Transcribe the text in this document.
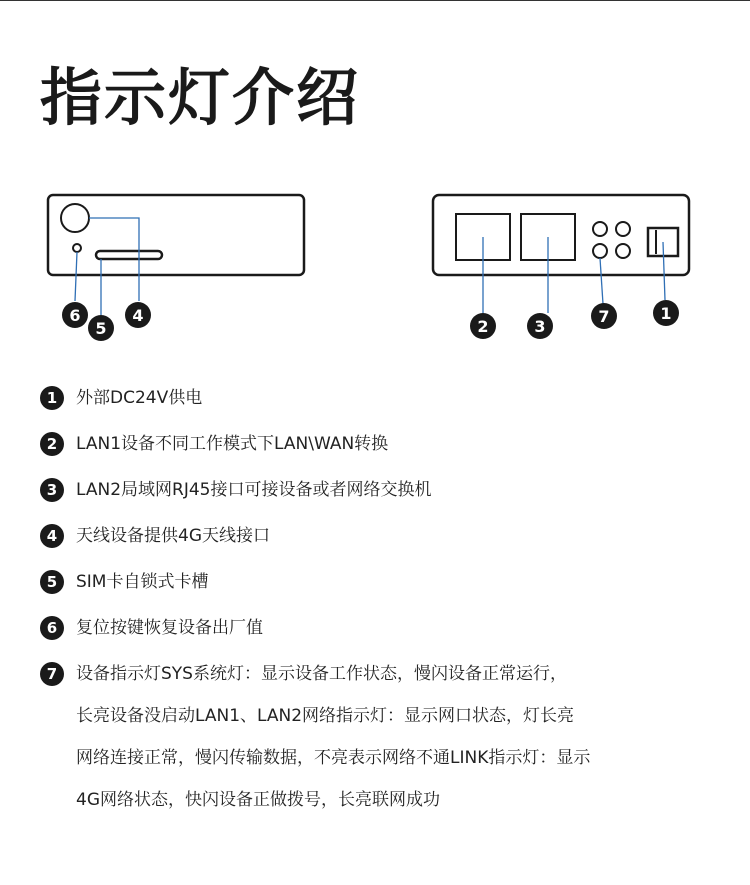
指示灯介绍
6
5
4
2	3
7	1
1	外部DC24V供电
2	LAN1设备不同工作模式下LAN\WAN转换
3	LAN2局域网RJ45接口可接设备或者网络交换机
4	天线设备提供4G天线接口
5	SIM卡自锁式卡槽
6	复位按键恢复设备出厂值
7	设备指示灯SYS系统灯：显示设备工作状态，慢闪设备正常运行，
长亮设备没启动LAN1、LAN2网络指示灯：显示网口状态，灯长亮
网络连接正常，慢闪传输数据，不亮表示网络不通LINK指示灯：显示
4G网络状态，快闪设备正做拨号，长亮联网成功
